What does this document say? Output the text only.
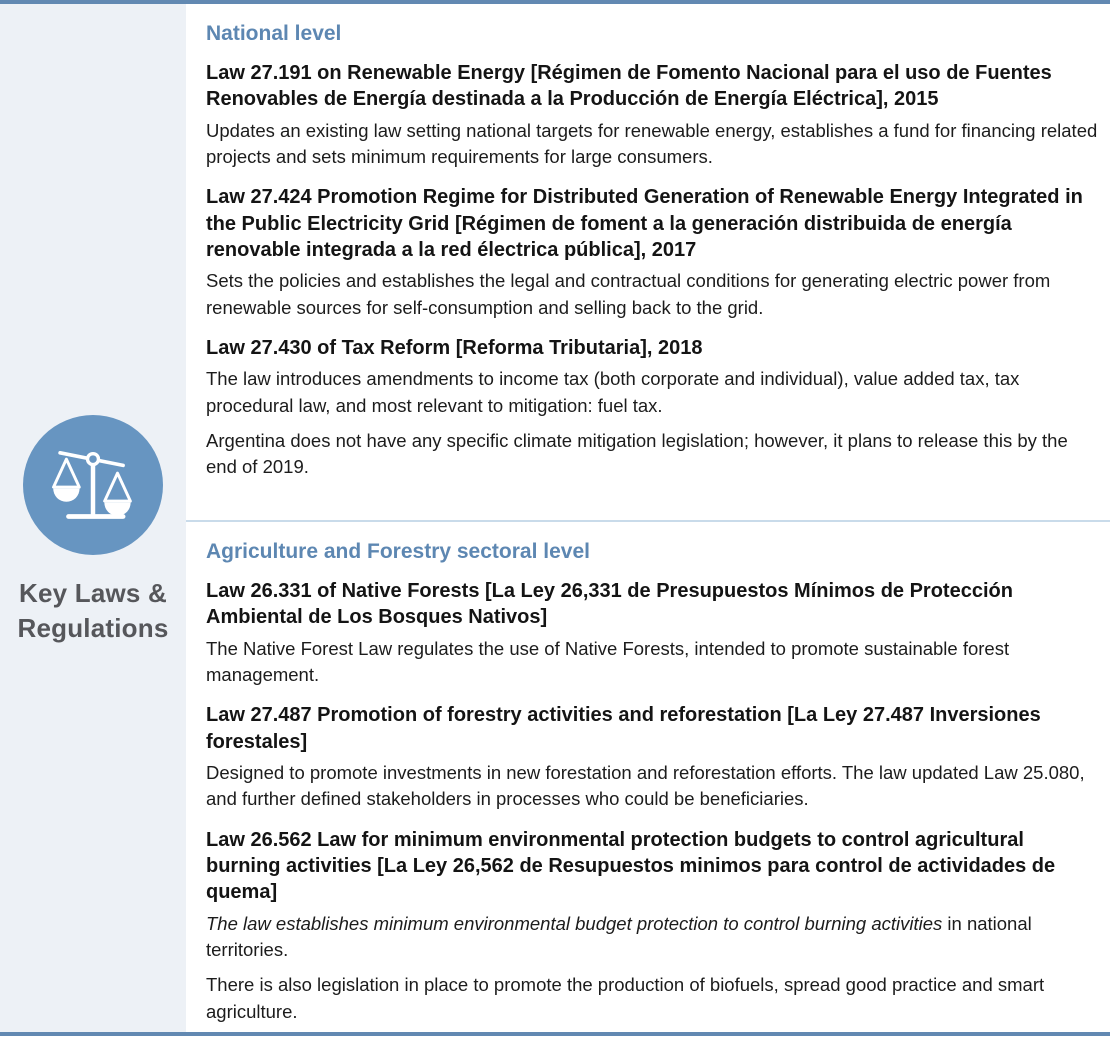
Key Laws &
Regulations
National level
Law 27.191 on Renewable Energy [Régimen de Fomento Nacional para el uso de Fuentes Renovables de Energía destinada a la Producción de Energía Eléctrica], 2015

Updates an existing law setting national targets for renewable energy, establishes a fund for financing related projects and sets minimum requirements for large consumers.

Law 27.424 Promotion Regime for Distributed Generation of Renewable Energy Integrated in the Public Electricity Grid [Régimen de foment a la generación distribuida de energía renovable integrada a la red électrica pública], 2017

Sets the policies and establishes the legal and contractual conditions for generating electric power from renewable sources for self-consumption and selling back to the grid.

Law 27.430 of Tax Reform [Reforma Tributaria], 2018

The law introduces amendments to income tax (both corporate and individual), value added tax, tax procedural law, and most relevant to mitigation: fuel tax.

Argentina does not have any specific climate mitigation legislation; however, it plans to release this by the end of 2019.

Agriculture and Forestry sectoral level
Law 26.331 of Native Forests [La Ley 26,331 de Presupuestos Mínimos de Protección Ambiental de Los Bosques Nativos]

The Native Forest Law regulates the use of Native Forests, intended to promote sustainable forest management.

Law 27.487 Promotion of forestry activities and reforestation [La Ley 27.487 Inversiones forestales]

Designed to promote investments in new forestation and reforestation efforts. The law updated Law 25.080, and further defined stakeholders in processes who could be beneficiaries.

Law 26.562 Law for minimum environmental protection budgets to control agricultural burning activities [La Ley 26,562 de Resupuestos minimos para control de actividades de quema]

The law establishes minimum environmental budget protection to control burning activities in national territories.

There is also legislation in place to promote the production of biofuels, spread good practice and smart agriculture.
